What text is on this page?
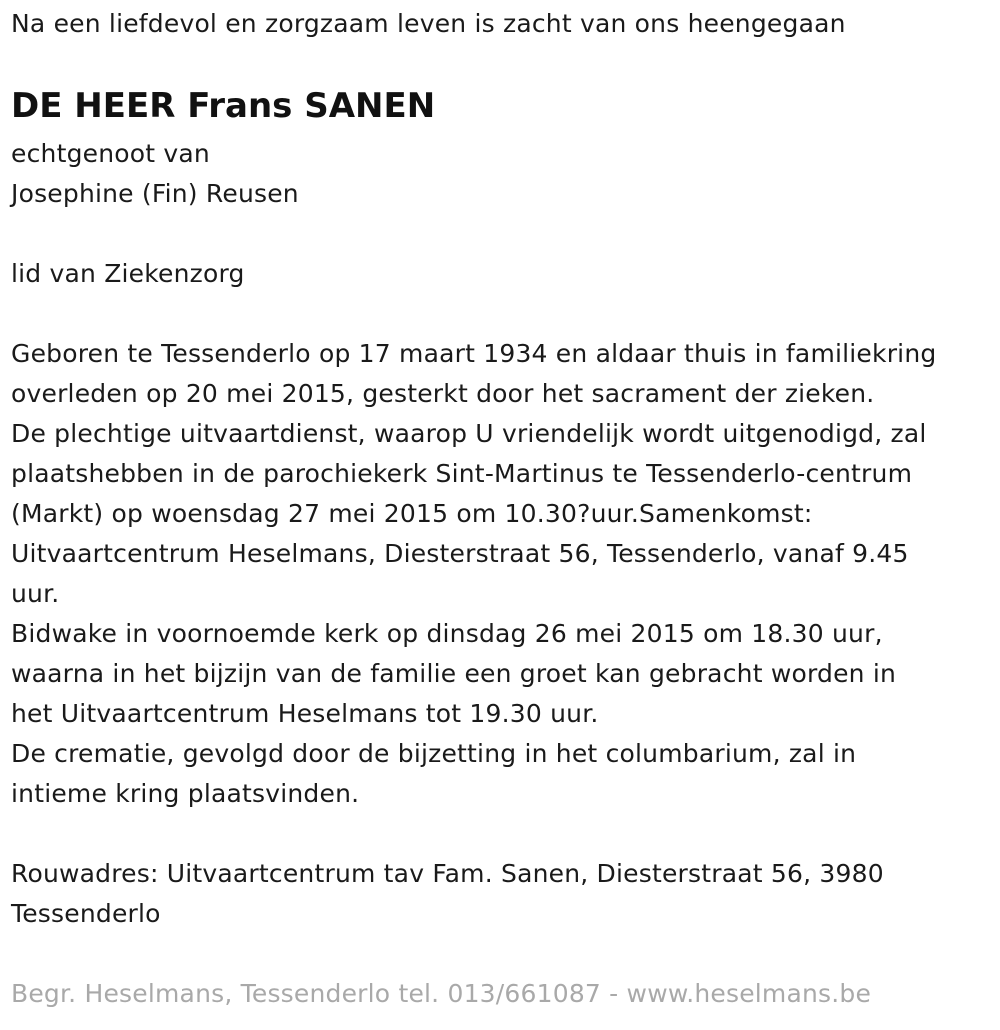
Na een liefdevol en zorgzaam leven is zacht van ons heengegaan
DE HEER Frans SANEN
echtgenoot van
Josephine (Fin) Reusen
lid van Ziekenzorg
Geboren te Tessenderlo op 17 maart 1934 en aldaar thuis in familiekring
overleden op 20 mei 2015, gesterkt door het sacrament der zieken.
De plechtige uitvaartdienst, waarop U vriendelijk wordt uitgenodigd, zal
plaatshebben in de parochiekerk Sint-Martinus te Tessenderlo-centrum
(Markt) op woensdag 27 mei 2015 om 10.30?uur.Samenkomst:
Uitvaartcentrum Heselmans, Diesterstraat 56, Tessenderlo, vanaf 9.45
uur.
Bidwake in voornoemde kerk op dinsdag 26 mei 2015 om 18.30 uur,
waarna in het bijzijn van de familie een groet kan gebracht worden in
het Uitvaartcentrum Heselmans tot 19.30 uur.
De crematie, gevolgd door de bijzetting in het columbarium, zal in
intieme kring plaatsvinden.
Rouwadres: Uitvaartcentrum tav Fam. Sanen, Diesterstraat 56, 3980
Tessenderlo
Begr. Heselmans, Tessenderlo tel. 013/661087 - www.heselmans.be
